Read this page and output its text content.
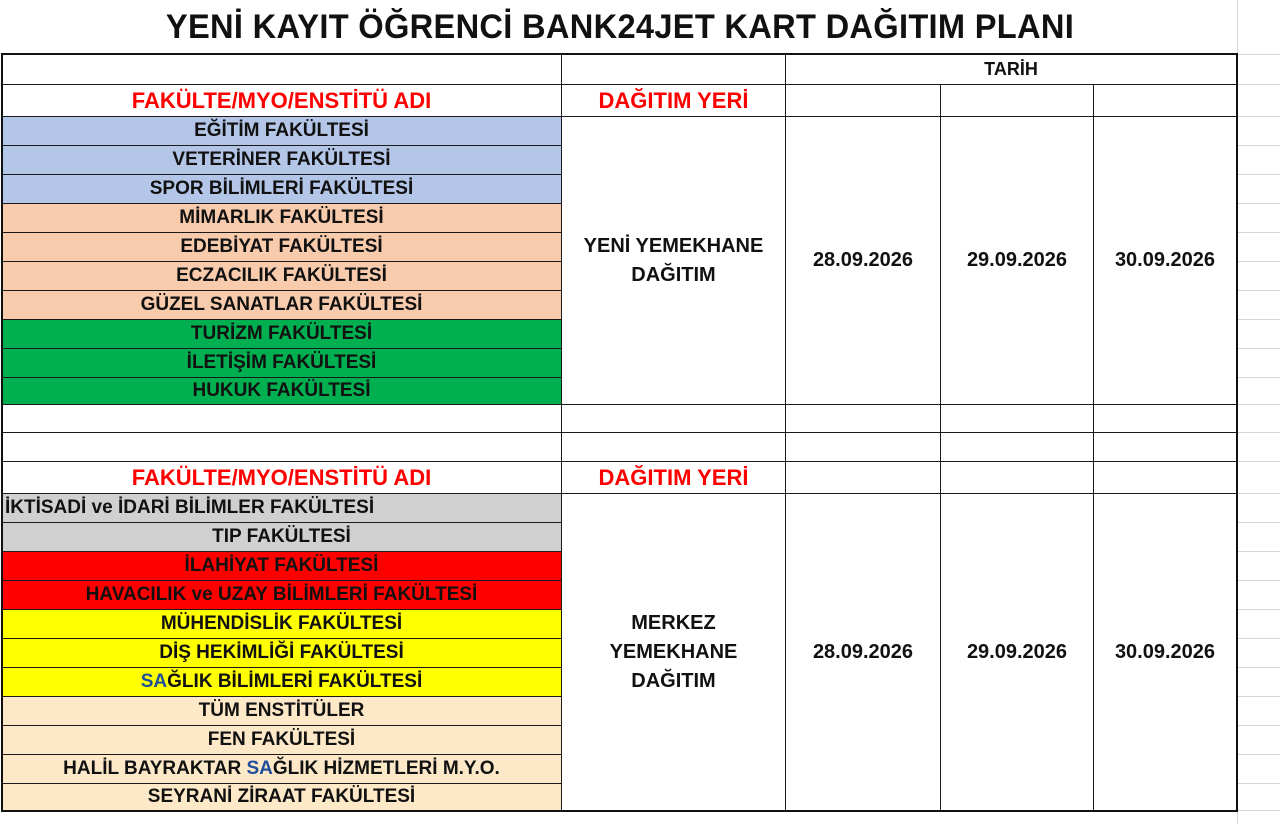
YENİ KAYIT ÖĞRENCİ BANK24JET KART DAĞITIM PLANI
TARİH
FAKÜLTE/MYO/ENSTİTÜ ADI	DAĞITIM YERİ
EĞİTİM FAKÜLTESİ
VETERİNER FAKÜLTESİ
SPOR BİLİMLERİ FAKÜLTESİ
MİMARLIK FAKÜLTESİ
EDEBİYAT FAKÜLTESİ
ECZACILIK FAKÜLTESİ
GÜZEL SANATLAR FAKÜLTESİ
TURİZM FAKÜLTESİ
İLETİŞİM FAKÜLTESİ
HUKUK FAKÜLTESİ
YENİ YEMEKHANE
DAĞITIM
28.09.2026	29.09.2026	30.09.2026
FAKÜLTE/MYO/ENSTİTÜ ADI	DAĞITIM YERİ
İKTİSADİ ve İDARİ BİLİMLER FAKÜLTESİ
TIP FAKÜLTESİ
İLAHİYAT FAKÜLTESİ
HAVACILIK ve UZAY BİLİMLERİ FAKÜLTESİ
MÜHENDİSLİK FAKÜLTESİ
DİŞ HEKİMLİĞİ FAKÜLTESİ
SA ĞLIK BİLİMLERİ FAKÜLTESİ
TÜM ENSTİTÜLER
FEN FAKÜLTESİ
HALİL BAYRAKTAR SA ĞLIK HİZMETLERİ M.Y.O.
SEYRANİ ZİRAAT FAKÜLTESİ
MERKEZ
YEMEKHANE
DAĞITIM
28.09.2026	29.09.2026	30.09.2026
